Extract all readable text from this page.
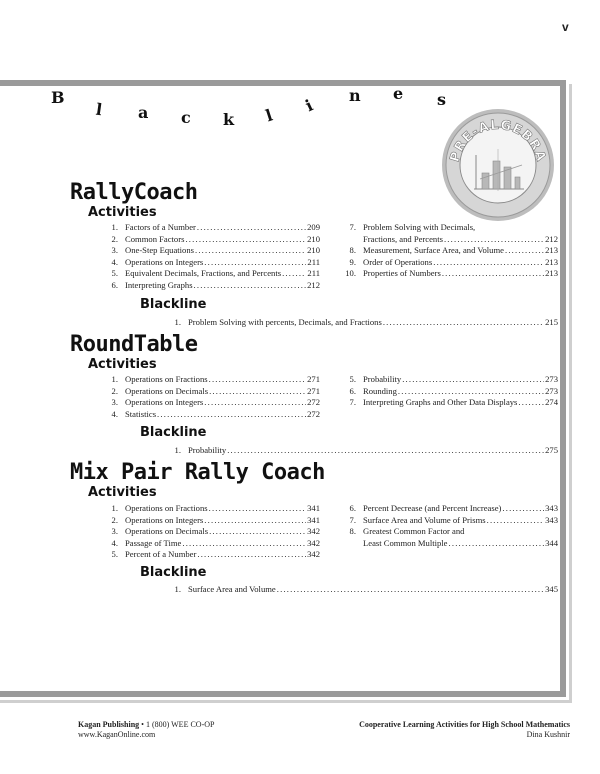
v
B
l a c k l
i
n e s
PRE-ALGEBRA
RallyCoach
Activities
1. Factors of a Number .....	209
2. Common Factors .....	210
3. One-Step Equations .....	210
4. Operations on Integers .....	211
5. Equivalent Decimals, Fractions, and Percents .....	211
6. Interpreting Graphs .....	212
7. Problem Solving with Decimals,
Fractions, and Percents .....	212
8. Measurement, Surface Area, and Volume .....	213
9. Order of Operations .....	213
10. Properties of Numbers .....	213
Blackline
1. Problem Solving with percents, Decimals, and Fractions .....	215
RoundTable
Activities
1. Operations on Fractions .....	271
2. Operations on Decimals .....	271
3. Operations on Integers .....	272
4. Statistics .....	272
5. Probability .....	273
6. Rounding .....	273
7. Interpreting Graphs and Other Data Displays .....	274
Blackline
1. Probability .....	275
Mix Pair Rally Coach
Activities
1. Operations on Fractions .....	341
2. Operations on Integers .....	341
3. Operations on Decimals .....	342
4. Passage of Time .....	342
5. Percent of a Number .....	342
6. Percent Decrease (and Percent Increase) .....	343
7. Surface Area and Volume of Prisms .....	343
8. Greatest Common Factor and
Least Common Multiple .....	344
Blackline
1. Surface Area and Volume .....	345
Kagan Publishing • 1 (800) WEE CO-OP
www.KaganOnline.com
Cooperative Learning Activities for High School Mathematics
Dina Kushnir
